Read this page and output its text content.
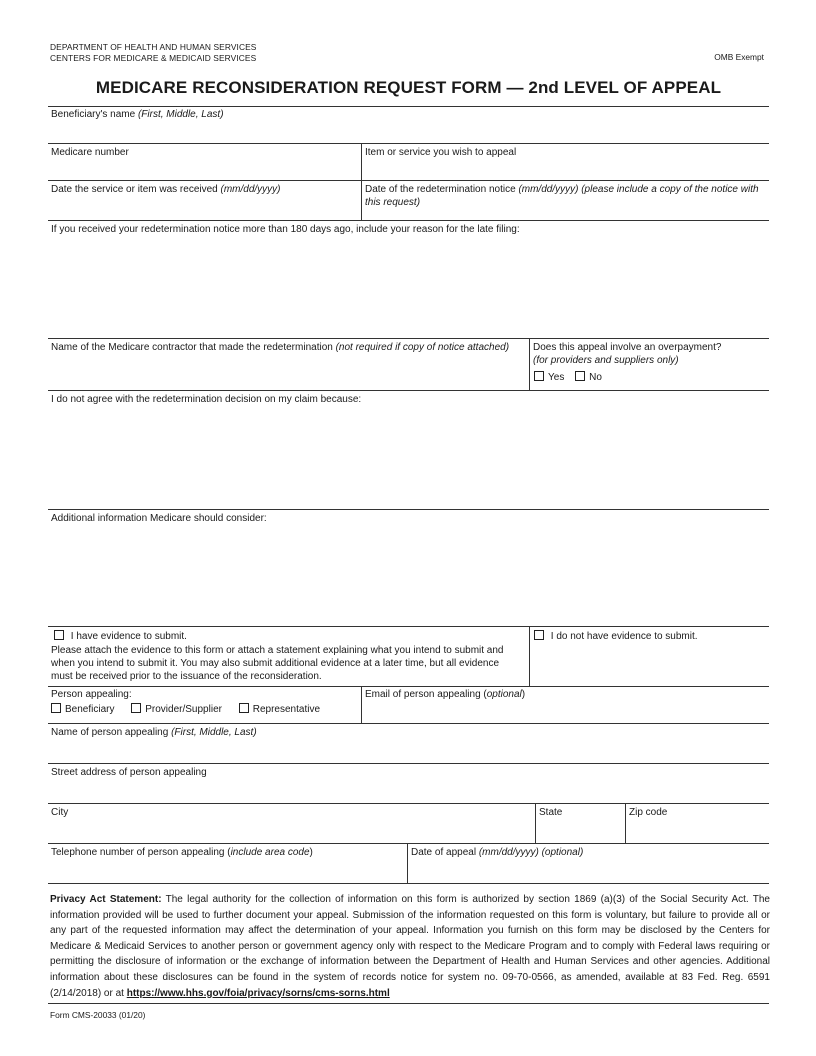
DEPARTMENT OF HEALTH AND HUMAN SERVICES
CENTERS FOR MEDICARE & MEDICAID SERVICES	OMB Exempt
MEDICARE RECONSIDERATION REQUEST FORM — 2nd LEVEL OF APPEAL
Beneficiary's name (First, Middle, Last)
Medicare number	Item or service you wish to appeal
Date the service or item was received (mm/dd/yyyy)	Date of the redetermination notice (mm/dd/yyyy) (please include a copy of the notice with this request)
If you received your redetermination notice more than 180 days ago, include your reason for the late filing:
Name of the Medicare contractor that made the redetermination (not required if copy of notice attached)	Does this appeal involve an overpayment?
(for providers and suppliers only)
Yes No
I do not agree with the redetermination decision on my claim because:
Additional information Medicare should consider:
I have evidence to submit.
Please attach the evidence to this form or attach a statement explaining what you intend to submit and when you intend to submit it. You may also submit additional evidence at a later time, but all evidence must be received prior to the issuance of the reconsideration.
I do not have evidence to submit.
Person appealing:
Beneficiary	Provider/Supplier	Representative
Email of person appealing (optional)
Name of person appealing (First, Middle, Last)
Street address of person appealing
City	State	Zip code
Telephone number of person appealing (include area code)	Date of appeal (mm/dd/yyyy) (optional)
Privacy Act Statement: The legal authority for the collection of information on this form is authorized by section 1869 (a)(3) of the Social Security Act. The information provided will be used to further document your appeal. Submission of the information requested on this form is voluntary, but failure to provide all or any part of the requested information may affect the determination of your appeal. Information you furnish on this form may be disclosed by the Centers for Medicare & Medicaid Services to another person or government agency only with respect to the Medicare Program and to comply with Federal laws requiring or permitting the disclosure of information or the exchange of information between the Department of Health and Human Services and other agencies. Additional information about these disclosures can be found in the system of records notice for system no. 09-70-0566, as amended, available at 83 Fed. Reg. 6591 (2/14/2018) or at https://www.hhs.gov/foia/privacy/sorns/cms-sorns.html
Form CMS-20033 (01/20)
